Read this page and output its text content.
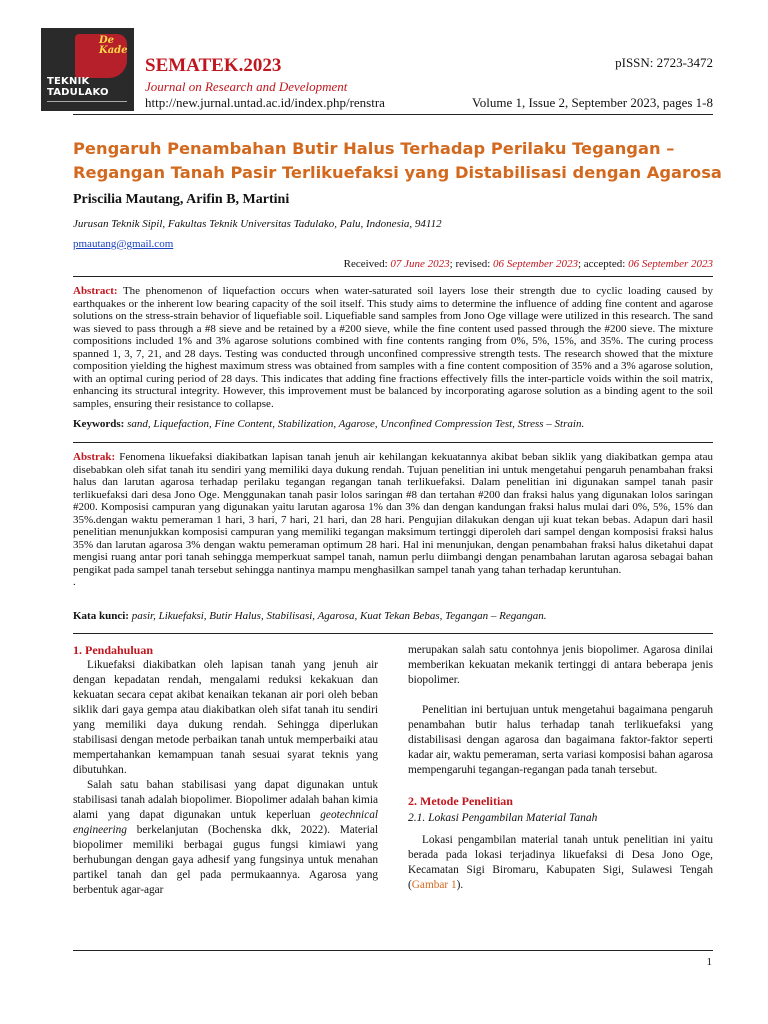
De Kade
TEKNIK
TADULAKO
SEMATEK.2023
Journal on Research and Development
http://new.jurnal.untad.ac.id/index.php/renstra
pISSN: 2723-3472
Volume 1, Issue 2, September 2023, pages 1-8
Pengaruh Penambahan Butir Halus Terhadap Perilaku Tegangan – Regangan Tanah Pasir Terlikuefaksi yang Distabilisasi dengan Agarosa
Priscilia Mautang, Arifin B, Martini
Jurusan Teknik Sipil, Fakultas Teknik Universitas Tadulako, Palu, Indonesia, 94112
pmautang@gmail.com
Received: 07 June 2023; revised: 06 September 2023; accepted: 06 September 2023
Abstract: The phenomenon of liquefaction occurs when water-saturated soil layers lose their strength due to cyclic loading caused by earthquakes or the inherent low bearing capacity of the soil itself. This study aims to determine the influence of adding fine content and agarose solutions on the stress-strain behavior of liquefiable soil. Liquefiable sand samples from Jono Oge village were utilized in this research. The sand was sieved to pass through a #8 sieve and be retained by a #200 sieve, while the fine content used passed through the #200 sieve. The mixture compositions included 1% and 3% agarose solutions combined with fine contents ranging from 0%, 5%, 15%, and 35%. The curing process spanned 1, 3, 7, 21, and 28 days. Testing was conducted through unconfined compressive strength tests. The research showed that the mixture composition yielding the highest maximum stress was obtained from samples with a fine content composition of 35% and a 3% agarose solution, with an optimal curing period of 28 days. This indicates that adding fine fractions effectively fills the inter-particle voids within the soil matrix, enhancing its structural integrity. However, this improvement must be balanced by incorporating agarose solution as a binding agent to the soil samples, ensuring their resistance to collapse.
Keywords: sand, Liquefaction, Fine Content, Stabilization, Agarose, Unconfined Compression Test, Stress – Strain.
Abstrak: Fenomena likuefaksi diakibatkan lapisan tanah jenuh air kehilangan kekuatannya akibat beban siklik yang diakibatkan gempa atau disebabkan oleh sifat tanah itu sendiri yang memiliki daya dukung rendah. Tujuan penelitian ini untuk mengetahui pengaruh penambahan fraksi halus dan larutan agarosa terhadap perilaku tegangan regangan tanah terlikuefaksi. Dalam penelitian ini digunakan sampel tanah pasir terlikuefaksi dari desa Jono Oge. Menggunakan tanah pasir lolos saringan #8 dan tertahan #200 dan fraksi halus yang digunakan lolos saringan #200. Komposisi campuran yang digunakan yaitu larutan agarosa 1% dan 3% dan dengan kandungan fraksi halus mulai dari 0%, 5%, 15% dan 35%.dengan waktu pemeraman 1 hari, 3 hari, 7 hari, 21 hari, dan 28 hari. Pengujian dilakukan dengan uji kuat tekan bebas. Adapun dari hasil penelitian menunjukkan komposisi campuran yang memiliki tegangan maksimum tertinggi diperoleh dari sampel dengan komposisi fraksi halus 35% dan larutan agarosa 3% dengan waktu pemeraman optimum 28 hari. Hal ini menunjukan, dengan penambahan fraksi halus diketahui dapat mengisi ruang antar pori tanah sehingga memperkuat sampel tanah, namun perlu diimbangi dengan penambahan larutan agarosa sebagai bahan pengikat pada sampel tanah tersebut sehingga nantinya mampu menghasilkan sampel tanah yang tahan terhadap keruntuhan.
.
Kata kunci: pasir, Likuefaksi, Butir Halus, Stabilisasi, Agarosa, Kuat Tekan Bebas, Tegangan – Regangan.
1. Pendahuluan

Likuefaksi diakibatkan oleh lapisan tanah yang jenuh air dengan kepadatan rendah, mengalami reduksi kekakuan dan kekuatan secara cepat akibat kenaikan tekanan air pori oleh beban siklik dari gaya gempa atau diakibatkan oleh sifat tanah itu sendiri yang memiliki daya dukung rendah. Sehingga diperlukan stabilisasi dengan metode perbaikan tanah untuk memperbaiki atau mempertahankan kemampuan tanah sesuai syarat teknis yang dibutuhkan.

Salah satu bahan stabilisasi yang dapat digunakan untuk stabilisasi tanah adalah biopolimer. Biopolimer adalah bahan kimia alami yang dapat digunakan untuk keperluan geotechnical engineering berkelanjutan (Bochenska dkk, 2022). Material biopolimer memiliki berbagai gugus fungsi kimiawi yang berhubungan dengan gaya adhesif yang fungsinya untuk menahan partikel tanah dan gel pada permukaannya. Agarosa yang berbentuk agar-agar

merupakan salah satu contohnya jenis biopolimer. Agarosa dinilai memberikan kekuatan mekanik tertinggi di antara beberapa jenis biopolimer.

Penelitian ini bertujuan untuk mengetahui bagaimana pengaruh penambahan butir halus terhadap tanah terlikuefaksi yang distabilisasi dengan agarosa dan bagaimana faktor-faktor seperti kadar air, waktu pemeraman, serta variasi komposisi bahan agarosa mempengaruhi tegangan-regangan pada tanah tersebut.

2. Metode Penelitian
2.1. Lokasi Pengambilan Material Tanah

Lokasi pengambilan material tanah untuk penelitian ini yaitu berada pada lokasi terjadinya likuefaksi di Desa Jono Oge, Kecamatan Sigi Biromaru, Kabupaten Sigi, Sulawesi Tengah (Gambar 1).

1
